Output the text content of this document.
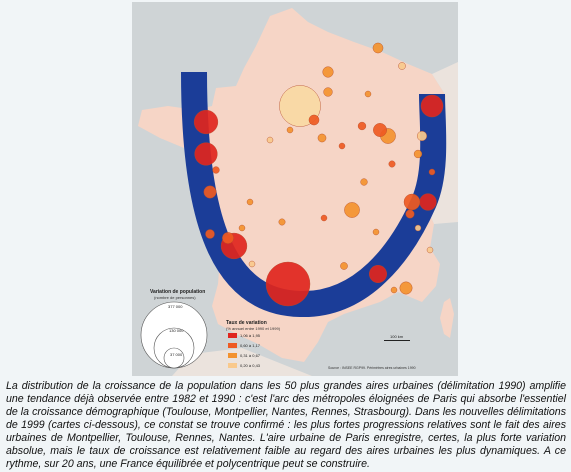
Variation de population
(nombre de personnes)
377 000
130 000
37 000
Taux de variation
(% annuel entre 1990 et 1999)
1,06 à 1,95
0,60 à 1,17
0,31 à 0,67
0,20 à 0,43
100 km
Source : INSEE RGP99. Périmètres aires urbaines 1990
La distribution de la croissance de la population dans les 50 plus grandes aires urbaines (délimitation 1990) amplifie une tendance déjà observée entre 1982 et 1990 : c'est l'arc des métropoles éloignées de Paris qui absorbe l'essentiel de la croissance démographique (Toulouse, Montpellier, Nantes, Rennes, Strasbourg). Dans les nouvelles délimitations de 1999 (cartes ci-dessous), ce constat se trouve confirmé : les plus fortes progressions relatives sont le fait des aires urbaines de Montpellier, Toulouse, Rennes, Nantes. L'aire urbaine de Paris enregistre, certes, la plus forte variation absolue, mais le taux de croissance est relativement faible au regard des aires urbaines les plus dynamiques. A ce rythme, sur 20 ans, une France équilibrée et polycentrique peut se construire.
